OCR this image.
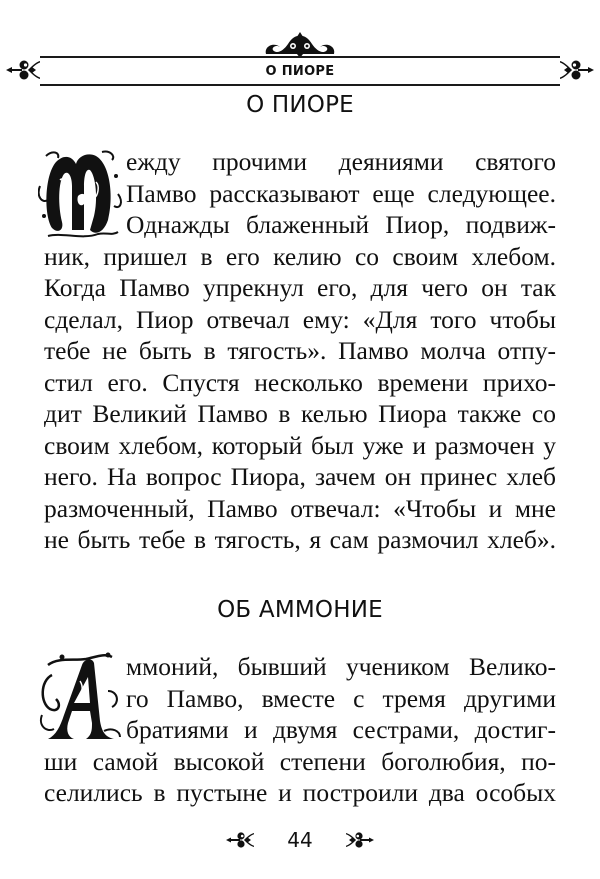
О ПИОРЕ
О ПИОРЕ
ежду прочими деяниями святого
Памво рассказывают еще следующее.
Однажды блаженный Пиор, подвиж-
ник, пришел в его келию со своим хлебом.
Когда Памво упрекнул его, для чего он так
сделал, Пиор отвечал ему: «Для того чтобы
тебе не быть в тягость». Памво молча отпу-
стил его. Спустя несколько времени прихо-
дит Великий Памво в келью Пиора также со
своим хлебом, который был уже и размочен у
него. На вопрос Пиора, зачем он принес хлеб
размоченный, Памво отвечал: «Чтобы и мне
не быть тебе в тягость, я сам размочил хлеб».
ОБ АММОНИЕ
ммоний, бывший учеником Велико-
го Памво, вместе с тремя другими
братиями и двумя сестрами, достиг-
ши самой высокой степени боголюбия, по-
селились в пустыне и построили два особых
44
